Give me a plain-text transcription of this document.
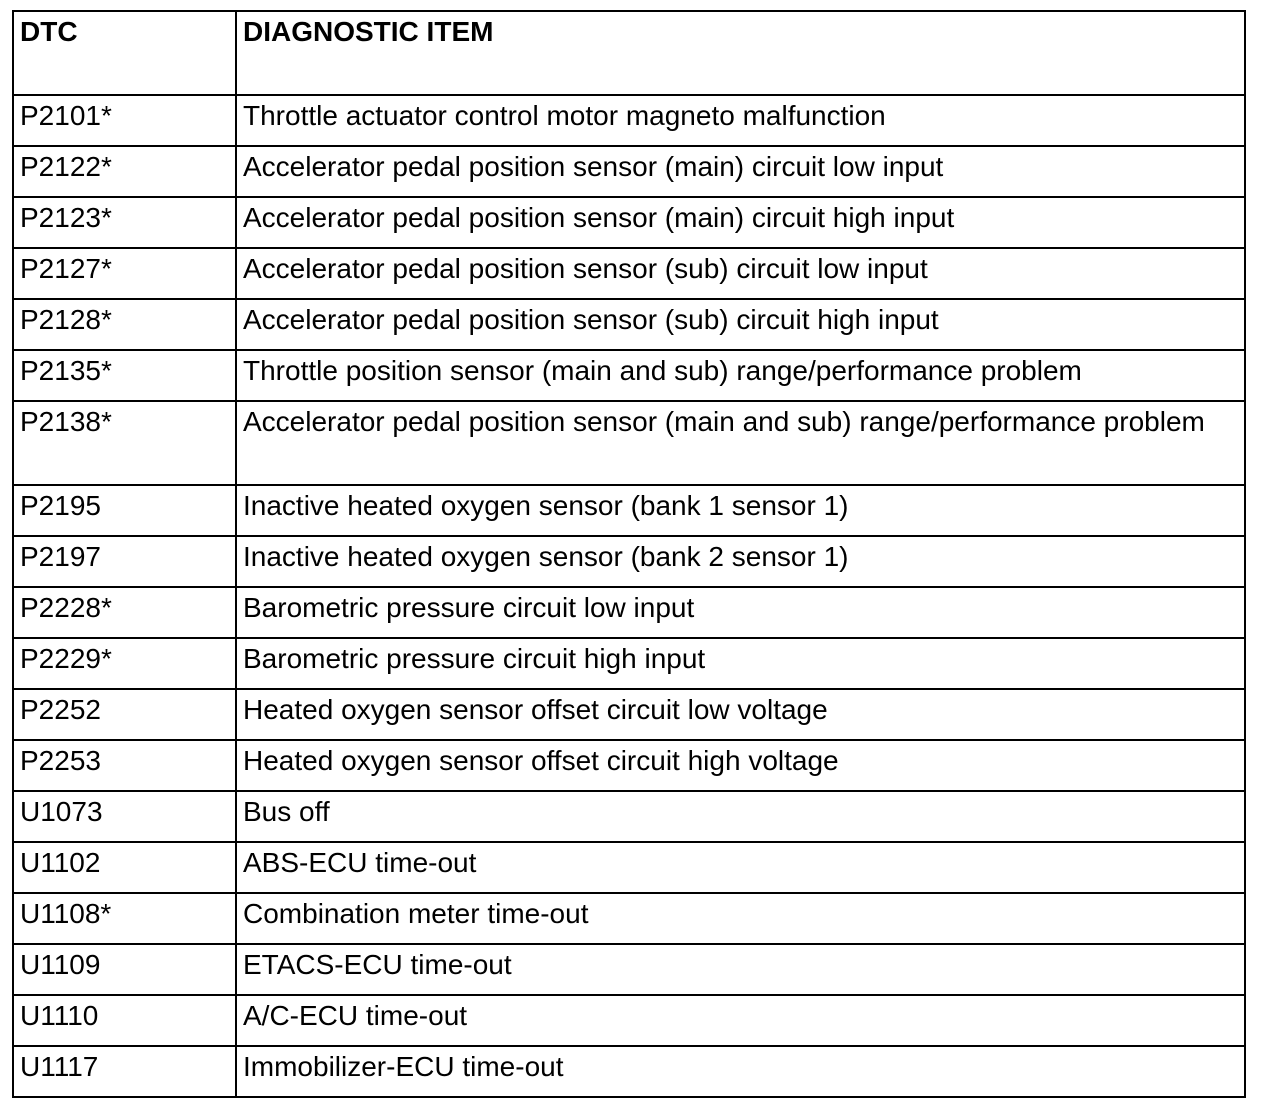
DTC	DIAGNOSTIC ITEM
P2101*	Throttle actuator control motor magneto malfunction
P2122*	Accelerator pedal position sensor (main) circuit low input
P2123*	Accelerator pedal position sensor (main) circuit high input
P2127*	Accelerator pedal position sensor (sub) circuit low input
P2128*	Accelerator pedal position sensor (sub) circuit high input
P2135*	Throttle position sensor (main and sub) range/performance problem
P2138*	Accelerator pedal position sensor (main and sub) range/performance problem
P2195	Inactive heated oxygen sensor (bank 1 sensor 1)
P2197	Inactive heated oxygen sensor (bank 2 sensor 1)
P2228*	Barometric pressure circuit low input
P2229*	Barometric pressure circuit high input
P2252	Heated oxygen sensor offset circuit low voltage
P2253	Heated oxygen sensor offset circuit high voltage
U1073	Bus off
U1102	ABS-ECU time-out
U1108*	Combination meter time-out
U1109	ETACS-ECU time-out
U1110	A/C-ECU time-out
U1117	Immobilizer-ECU time-out
